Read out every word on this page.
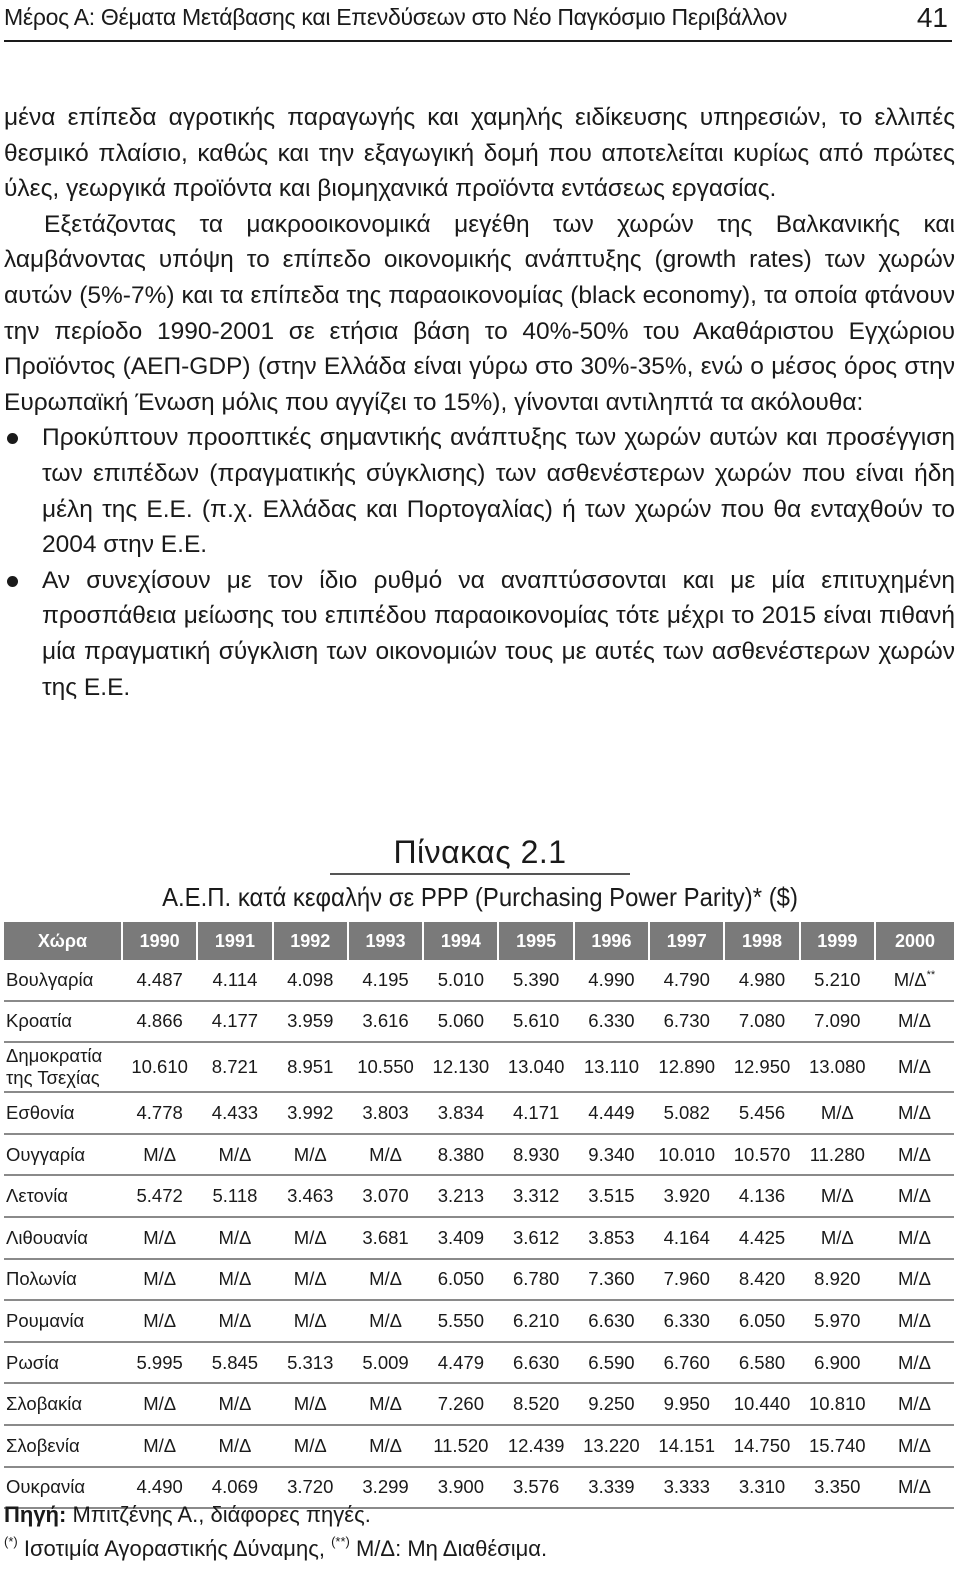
Μέρος Α: Θέματα Μετάβασης και Επενδύσεων στο Νέο Παγκόσμιο Περιβάλλον	41

μένα επίπεδα αγροτικής παραγωγής και χαμηλής ειδίκευσης υπηρεσιών, το ελλιπές θεσμικό πλαίσιο, καθώς και την εξαγωγική δομή που αποτελείται κυρίως από πρώτες ύλες, γεωργικά προϊόντα και βιομηχανικά προϊόντα εντάσεως εργασίας.

Εξετάζοντας τα μακροοικονομικά μεγέθη των χωρών της Βαλκανικής και λαμβάνοντας υπόψη το επίπεδο οικονομικής ανάπτυξης (growth rates) των χωρών αυτών (5%-7%) και τα επίπεδα της παραοικονομίας (black economy), τα οποία φτάνουν την περίοδο 1990-2001 σε ετήσια βάση το 40%-50% του Ακαθάριστου Εγχώριου Προϊόντος (ΑΕΠ-GDP) (στην Ελλάδα είναι γύρω στο 30%-35%, ενώ ο μέσος όρος στην Ευρωπαϊκή Ένωση μόλις που αγγίζει το 15%), γίνονται αντιληπτά τα ακόλουθα:

Προκύπτουν προοπτικές σημαντικής ανάπτυξης των χωρών αυτών και προσέγγιση των επιπέδων (πραγματικής σύγκλισης) των ασθενέστερων χωρών που είναι ήδη μέλη της Ε.Ε. (π.χ. Ελλάδας και Πορτογαλίας) ή των χωρών που θα ενταχθούν το 2004 στην Ε.Ε.
Αν συνεχίσουν με τον ίδιο ρυθμό να αναπτύσσονται και με μία επιτυχημένη προσπάθεια μείωσης του επιπέδου παραοικονομίας τότε μέχρι το 2015 είναι πιθανή μία πραγματική σύγκλιση των οικονομιών τους με αυτές των ασθενέστερων χωρών της Ε.Ε.
Πίνακας 2.1
Α.Ε.Π. κατά κεφαλήν σε PPP (Purchasing Power Parity)* ($)
Χώρα	1990	1991	1992	1993	1994	1995	1996	1997	1998	1999	2000
Βουλγαρία	4.487	4.114	4.098	4.195	5.010	5.390	4.990	4.790	4.980	5.210	Μ/Δ**
Κροατία	4.866	4.177	3.959	3.616	5.060	5.610	6.330	6.730	7.080	7.090	Μ/Δ
Δημοκρατία της Τσεχίας	10.610	8.721	8.951	10.550	12.130	13.040	13.110	12.890	12.950	13.080	Μ/Δ
Εσθονία	4.778	4.433	3.992	3.803	3.834	4.171	4.449	5.082	5.456	Μ/Δ	Μ/Δ
Ουγγαρία	Μ/Δ	Μ/Δ	Μ/Δ	Μ/Δ	8.380	8.930	9.340	10.010	10.570	11.280	Μ/Δ
Λετονία	5.472	5.118	3.463	3.070	3.213	3.312	3.515	3.920	4.136	Μ/Δ	Μ/Δ
Λιθουανία	Μ/Δ	Μ/Δ	Μ/Δ	3.681	3.409	3.612	3.853	4.164	4.425	Μ/Δ	Μ/Δ
Πολωνία	Μ/Δ	Μ/Δ	Μ/Δ	Μ/Δ	6.050	6.780	7.360	7.960	8.420	8.920	Μ/Δ
Ρουμανία	Μ/Δ	Μ/Δ	Μ/Δ	Μ/Δ	5.550	6.210	6.630	6.330	6.050	5.970	Μ/Δ
Ρωσία	5.995	5.845	5.313	5.009	4.479	6.630	6.590	6.760	6.580	6.900	Μ/Δ
Σλοβακία	Μ/Δ	Μ/Δ	Μ/Δ	Μ/Δ	7.260	8.520	9.250	9.950	10.440	10.810	Μ/Δ
Σλοβενία	Μ/Δ	Μ/Δ	Μ/Δ	Μ/Δ	11.520	12.439	13.220	14.151	14.750	15.740	Μ/Δ
Ουκρανία	4.490	4.069	3.720	3.299	3.900	3.576	3.339	3.333	3.310	3.350	Μ/Δ
Πηγή: Μπιτζένης Α., διάφορες πηγές.
(*) Ισοτιμία Αγοραστικής Δύναμης, (**) Μ/Δ: Μη Διαθέσιμα.
